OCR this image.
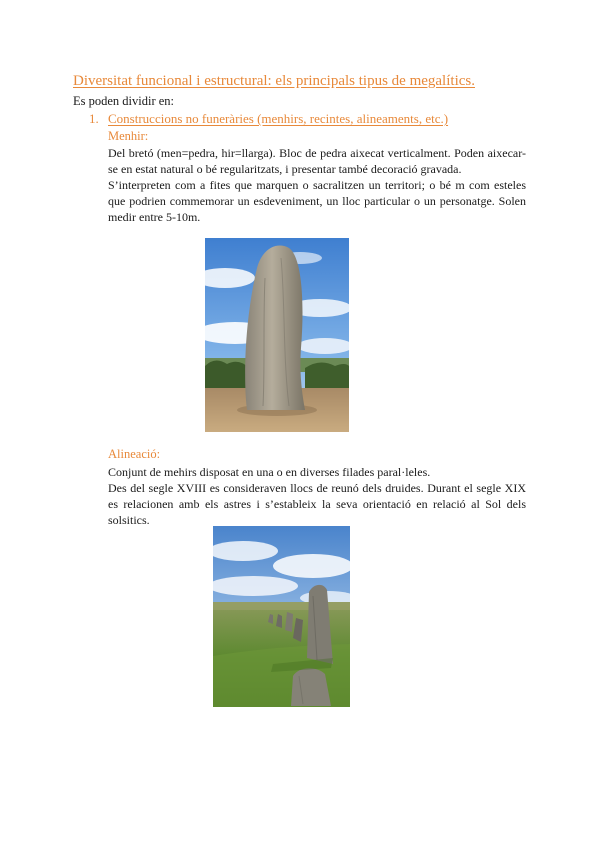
Diversitat funcional i estructural: els principals tipus de megalítics.
Es poden dividir en:
1. Construccions no funeràries (menhirs, recintes, alineaments, etc.)
Menhir:
Del bretó (men=pedra, hir=llarga). Bloc de pedra aixecat verticalment. Poden aixecar-se en estat natural o bé regularitzats, i presentar també decoració gravada.
S’interpreten com a fites que marquen o sacralitzen un territori; o bé m com esteles que podrien commemorar un esdeveniment, un lloc particular o un personatge. Solen medir entre 5-10m.
Alineació:
Conjunt de mehirs disposat en una o en diverses filades paral·leles.
Des del segle XVIII es consideraven llocs de reunó dels druides. Durant el segle XIX es relacionen amb els astres i s’estableix la seva orientació en relació al Sol dels solsitics.
